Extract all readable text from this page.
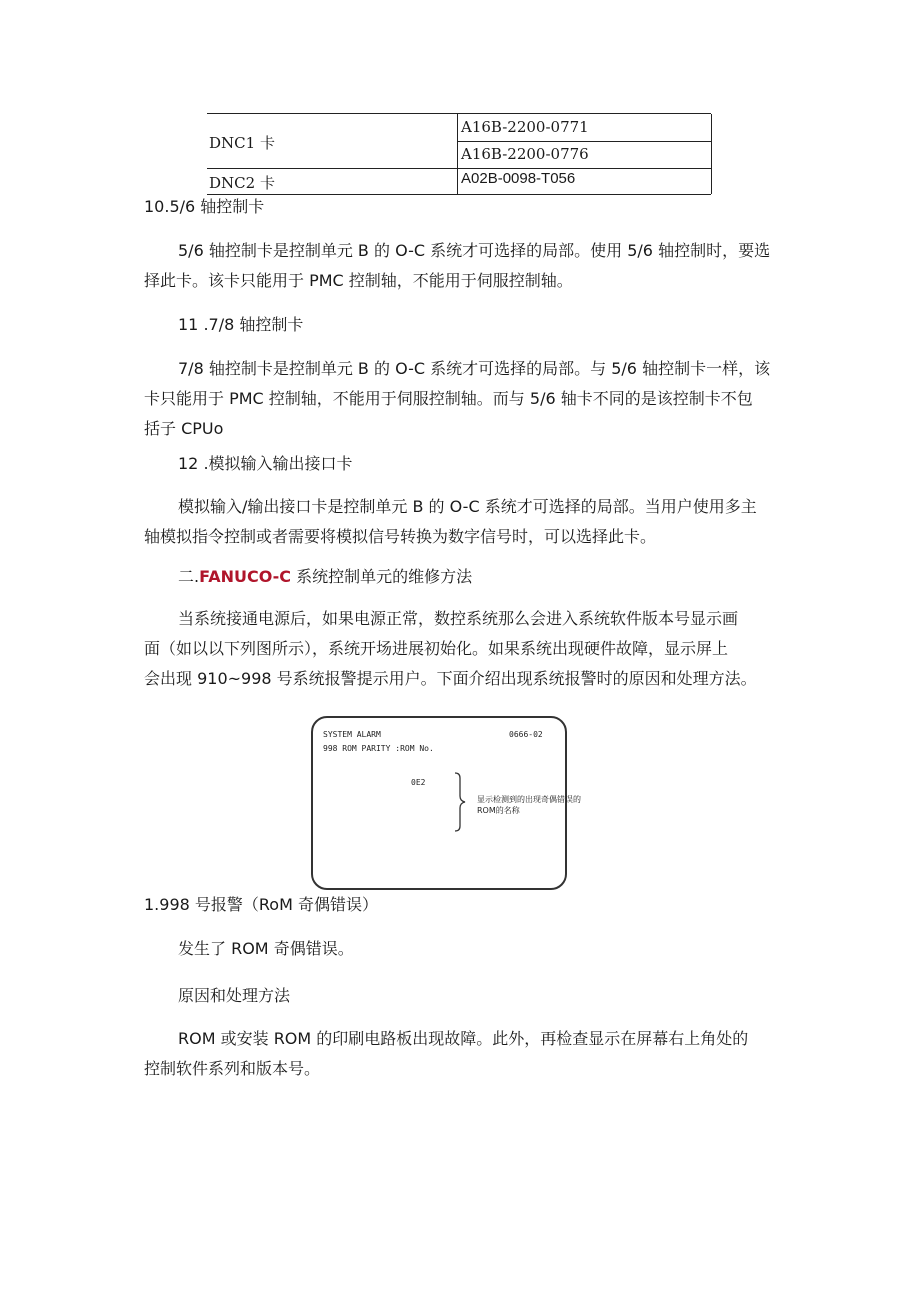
DNC1 卡
A16B-2200-0771
A16B-2200-0776
DNC2 卡	A02B-0098-T056
10.5/6 轴控制卡
5/6 轴控制卡是控制单元 B 的 O-C 系统才可选择的局部。使用 5/6 轴控制时，要选
择此卡。该卡只能用于 PMC 控制轴，不能用于伺服控制轴。
11 .7/8 轴控制卡
7/8 轴控制卡是控制单元 B 的 O-C 系统才可选择的局部。与 5/6 轴控制卡一样，该
卡只能用于 PMC 控制轴，不能用于伺服控制轴。而与 5/6 轴卡不同的是该控制卡不包
括子 CPUo
12 .模拟输入输出接口卡
模拟输入/输出接口卡是控制单元 B 的 O-C 系统才可选择的局部。当用户使用多主
轴模拟指令控制或者需要将模拟信号转换为数字信号时，可以选择此卡。
二.FANUCO-C 系统控制单元的维修方法
当系统接通电源后，如果电源正常，数控系统那么会进入系统软件版本号显示画
面（如以以下列图所示），系统开场进展初始化。如果系统出现硬件故障，显示屏上
会出现 910~998 号系统报警提示用户。下面介绍出现系统报警时的原因和处理方法。
SYSTEM ALARM	0666-02
998 ROM PARITY :ROM No.
0E2
显示检测到的出现奇偶错误的
ROM的名称
1.998 号报警（RoM 奇偶错误）
发生了 ROM 奇偶错误。
原因和处理方法
ROM 或安装 ROM 的印刷电路板出现故障。此外，再检查显示在屏幕右上角处的
控制软件系列和版本号。
